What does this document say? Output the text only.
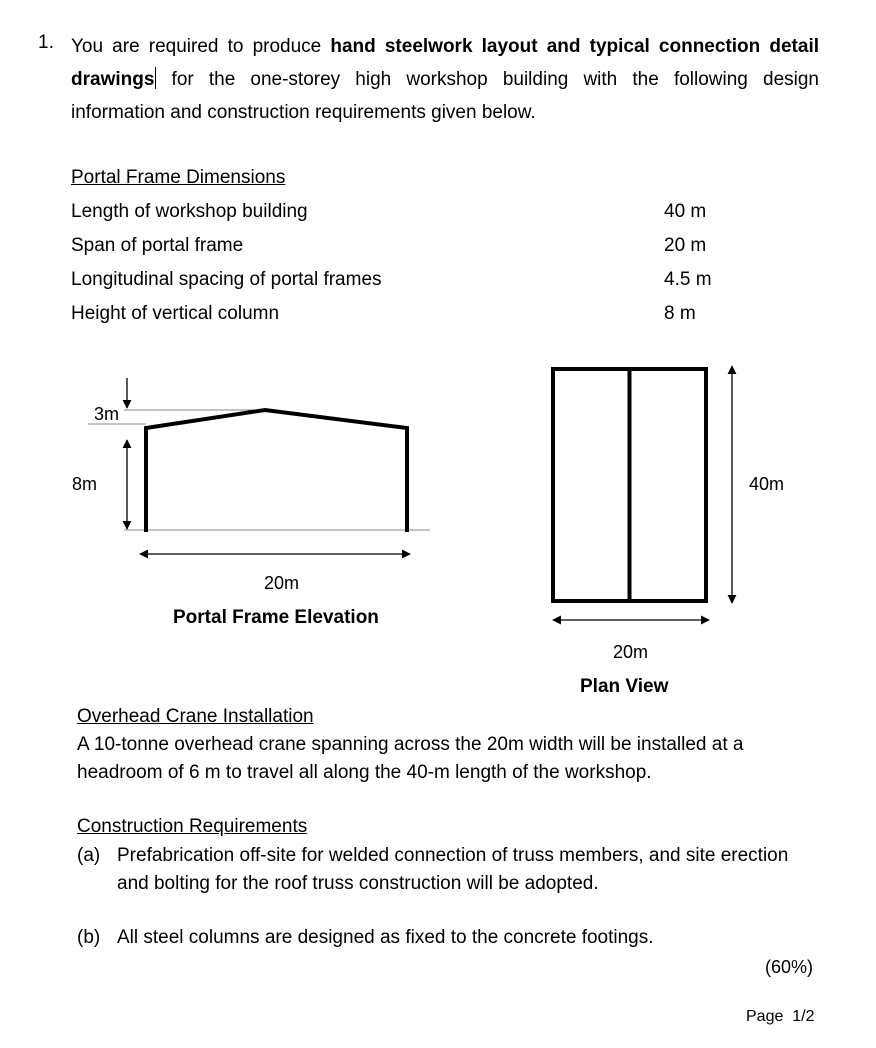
1. You are required to produce hand steelwork layout and typical connection detail drawings for the one-storey high workshop building with the following design information and construction requirements given below.
Portal Frame Dimensions
Length of workshop building	40 m
Span of portal frame	20 m
Longitudinal spacing of portal frames	4.5 m
Height of vertical column	8 m
3m
8m
20m
Portal Frame Elevation
40m
20m
Plan View
Overhead Crane Installation
A 10-tonne overhead crane spanning across the 20m width will be installed at a headroom of 6 m to travel all along the 40-m length of the workshop.
Construction Requirements
(a) Prefabrication off-site for welded connection of truss members, and site erection and bolting for the roof truss construction will be adopted.
(b) All steel columns are designed as fixed to the concrete footings.
(60%)
Page  1/2
